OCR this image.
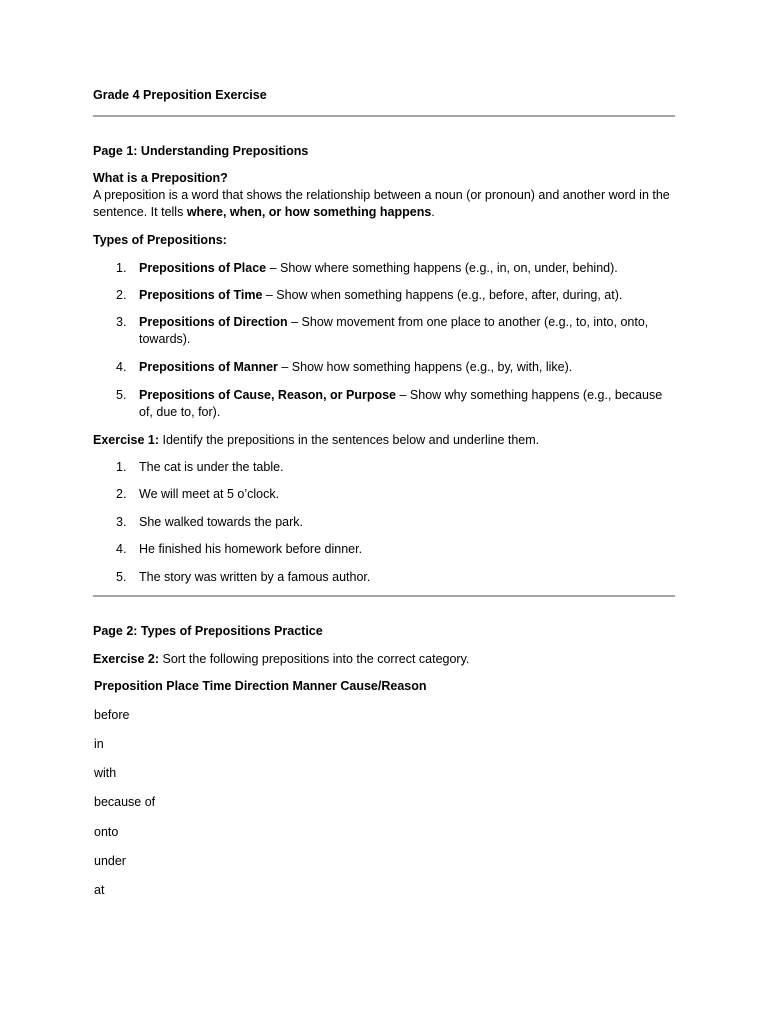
Grade 4 Preposition Exercise
Page 1: Understanding Prepositions
What is a Preposition?
A preposition is a word that shows the relationship between a noun (or pronoun) and another word in the sentence. It tells where, when, or how something happens.
Types of Prepositions:
1. Prepositions of Place – Show where something happens (e.g., in, on, under, behind).
2. Prepositions of Time – Show when something happens (e.g., before, after, during, at).
3. Prepositions of Direction – Show movement from one place to another (e.g., to, into, onto, towards).
4. Prepositions of Manner – Show how something happens (e.g., by, with, like).
5. Prepositions of Cause, Reason, or Purpose – Show why something happens (e.g., because of, due to, for).
Exercise 1: Identify the prepositions in the sentences below and underline them.
1. The cat is under the table.
2. We will meet at 5 o’clock.
3. She walked towards the park.
4. He finished his homework before dinner.
5. The story was written by a famous author.
Page 2: Types of Prepositions Practice
Exercise 2: Sort the following prepositions into the correct category.
Preposition Place Time Direction Manner Cause/Reason
before
in
with
because of
onto
under
at
